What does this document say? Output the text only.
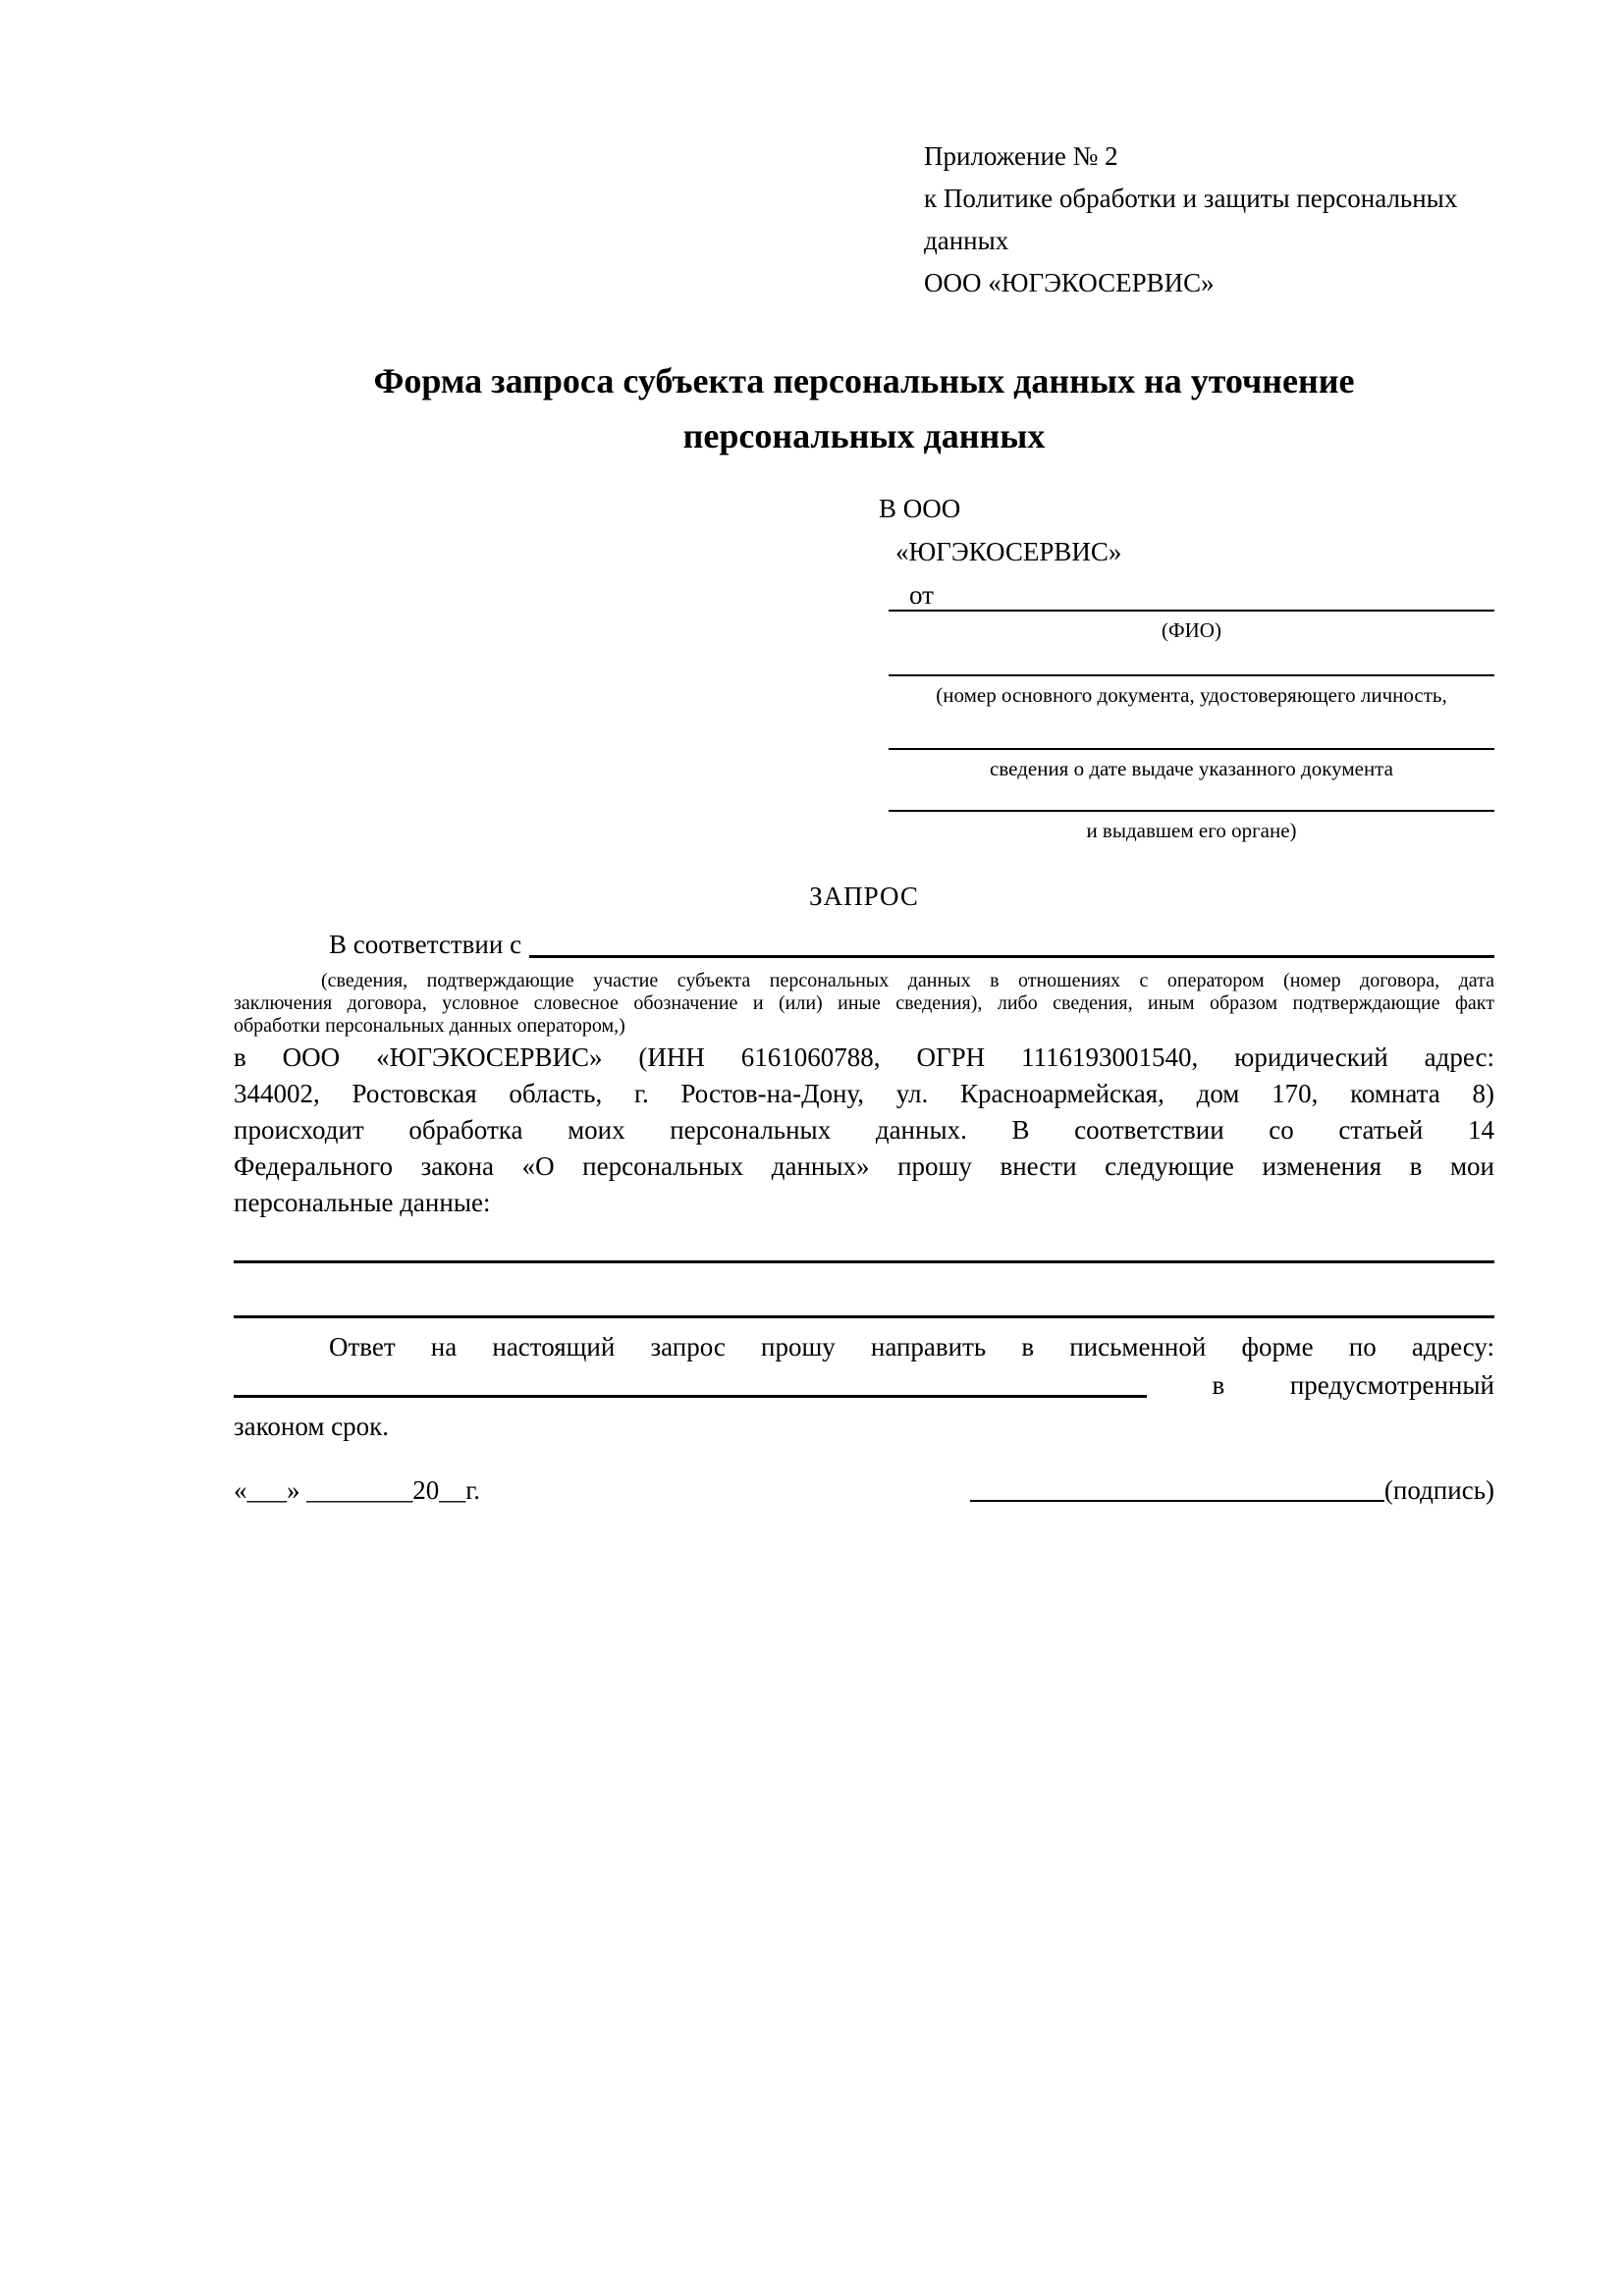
Приложение № 2
к Политике обработки и защиты персональных
данных
ООО «ЮГЭКОСЕРВИС»
Форма запроса субъекта персональных данных на уточнение
персональных данных
В ООО
«ЮГЭКОСЕРВИС»
от
(ФИО)
(номер основного документа, удостоверяющего личность,
сведения о дате выдаче указанного документа
и выдавшем его органе)
ЗАПРОС
В соответствии с
(сведения, подтверждающие участие субъекта персональных данных в отношениях с оператором (номер договора, дата
заключения договора, условное словесное обозначение и (или) иные сведения), либо сведения, иным образом подтверждающие факт
обработки персональных данных оператором,)
в ООО «ЮГЭКОСЕРВИС» (ИНН 6161060788, ОГРН 1116193001540, юридический адрес:
344002, Ростовская область, г. Ростов-на-Дону, ул. Красноармейская, дом 170, комната 8)
происходит обработка моих персональных данных. В соответствии со статьей 14
Федерального закона «О персональных данных» прошу внести следующие изменения в мои
персональные данные:
Ответ на настоящий запрос прошу направить в письменной форме по адресу:
в предусмотренный
законом срок.
«___» ________20__г.	(подпись)
